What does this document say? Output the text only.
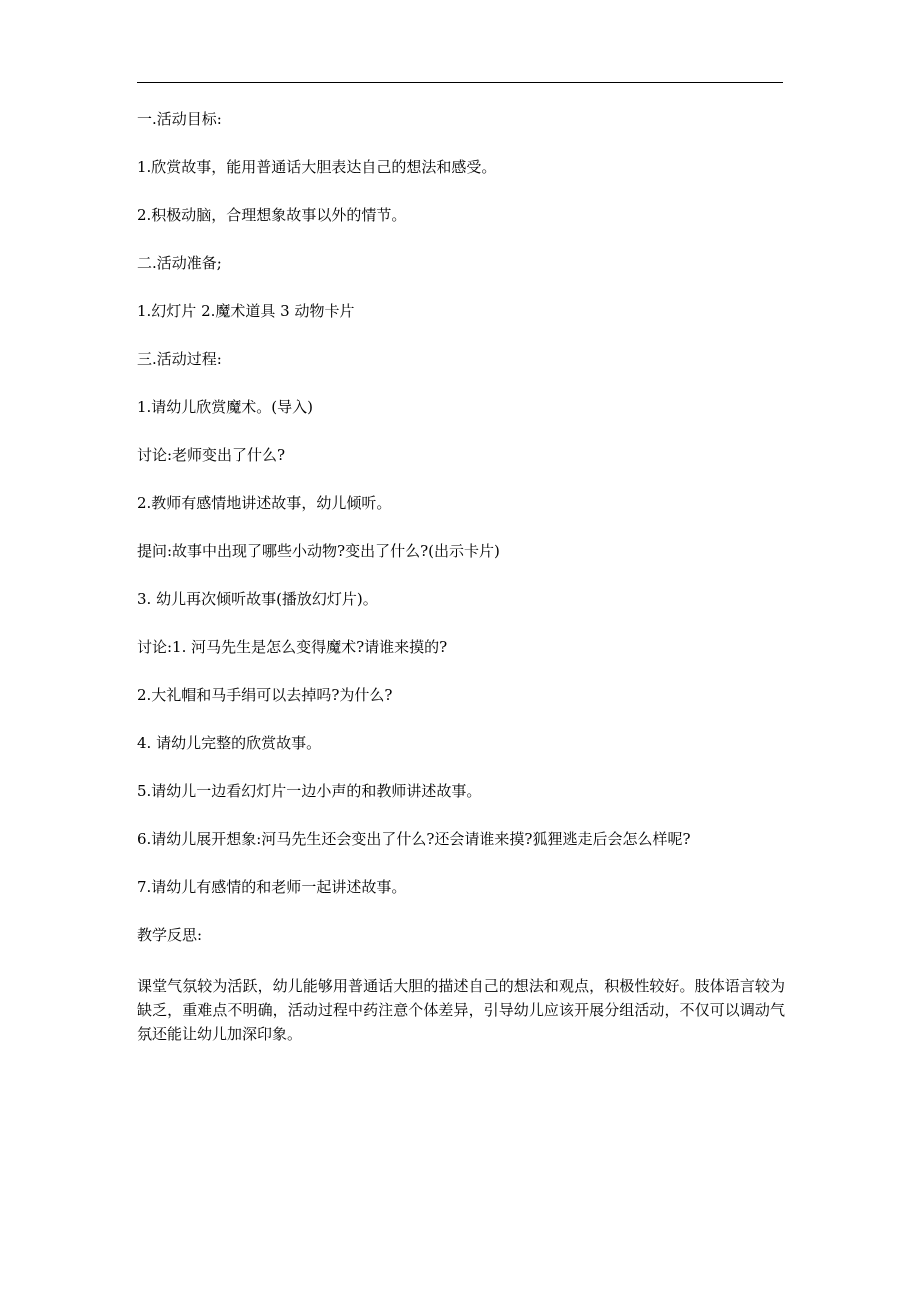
一.活动目标:
1.欣赏故事，能用普通话大胆表达自己的想法和感受。
2.积极动脑，合理想象故事以外的情节。
二.活动准备;
1.幻灯片 2.魔术道具 3 动物卡片
三.活动过程:
1.请幼儿欣赏魔术。(导入)
讨论:老师变出了什么?
2.教师有感情地讲述故事，幼儿倾听。
提问:故事中出现了哪些小动物?变出了什么?(出示卡片)
3. 幼儿再次倾听故事(播放幻灯片)。
讨论:1. 河马先生是怎么变得魔术?请谁来摸的?
2.大礼帽和马手绢可以去掉吗?为什么?
4. 请幼儿完整的欣赏故事。
5.请幼儿一边看幻灯片一边小声的和教师讲述故事。
6.请幼儿展开想象:河马先生还会变出了什么?还会请谁来摸?狐狸逃走后会怎么样呢?
7.请幼儿有感情的和老师一起讲述故事。
教学反思:

课堂气氛较为活跃，幼儿能够用普通话大胆的描述自己的想法和观点，积极性较好。肢体语言较为缺乏，重难点不明确，活动过程中药注意个体差异，引导幼儿应该开展分组活动，不仅可以调动气氛还能让幼儿加深印象。
